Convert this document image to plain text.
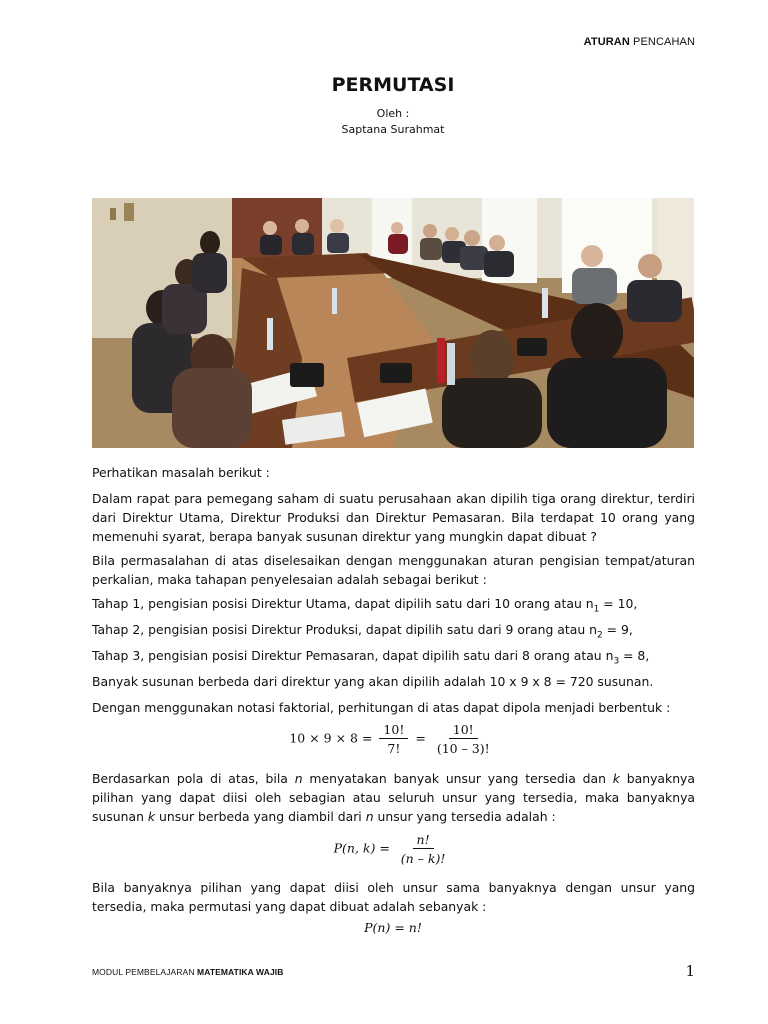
ATURAN PENCAHAN
PERMUTASI
Oleh :
Saptana Surahmat
Perhatikan masalah berikut :
Dalam rapat para pemegang saham di suatu perusahaan akan dipilih tiga orang direktur, terdiri dari Direktur Utama, Direktur Produksi dan Direktur Pemasaran. Bila terdapat 10 orang yang memenuhi syarat, berapa banyak susunan direktur yang mungkin dapat dibuat ?
Bila permasalahan di atas diselesaikan dengan menggunakan aturan pengisian tempat/aturan perkalian, maka tahapan penyelesaian adalah sebagai berikut :
Tahap 1, pengisian posisi Direktur Utama, dapat dipilih satu dari 10 orang atau $n_1 = 10$,
Tahap 2, pengisian posisi Direktur Produksi, dapat dipilih satu dari 9 orang atau $n_2 = 9$,
Tahap 3, pengisian posisi Direktur Pemasaran, dapat dipilih satu dari 8 orang atau $n_3 = 8$,
Banyak susunan berbeda dari direktur yang akan dipilih adalah 10 x 9 x 8 = 720 susunan.
Dengan menggunakan notasi faktorial, perhitungan di atas dapat dipola menjadi berbentuk :
$10 \times 9 \times 8 = \frac{10!}{7!} = \frac{10!}{(10 - 3)!}$
Berdasarkan pola di atas, bila n menyatakan banyak unsur yang tersedia dan k banyaknya pilihan yang dapat diisi oleh sebagian atau seluruh unsur yang tersedia, maka banyaknya susunan k unsur berbeda yang diambil dari n unsur yang tersedia adalah :
P(n, $k) = \frac{n!}{(n - k)!}$
Bila banyaknya pilihan yang dapat diisi oleh unsur sama banyaknya dengan unsur yang tersedia, maka permutasi yang dapat dibuat adalah sebanyak :
P(n) = n!
MODUL PEMBELAJARAN MATEMATIKA WAJIB	1
